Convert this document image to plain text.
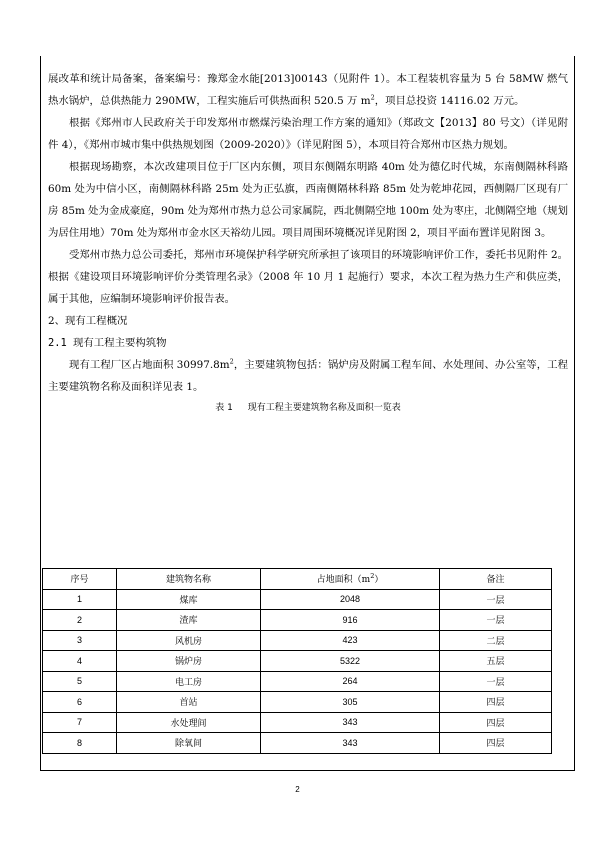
展改革和统计局备案，备案编号：豫郑金水能[2013]00143（见附件 1）。本工程装机容量为 5 台 58MW 燃气热水锅炉，总供热能力 290MW，工程实施后可供热面积 520.5 万 $m^2$，项目总投资 14116.02 万元。

根据《郑州市人民政府关于印发郑州市燃煤污染治理工作方案的通知》（郑政文【2013】80 号文）（详见附件 4），《郑州市城市集中供热规划图（2009-2020）》（详见附图 5），本项目符合郑州市区热力规划。

根据现场勘察，本次改建项目位于厂区内东侧，项目东侧隔东明路 40m 处为德亿时代城，东南侧隔林科路 60m 处为中信小区，南侧隔林科路 25m 处为正弘旗，西南侧隔林科路 85m 处为乾坤花园，西侧隔厂区现有厂房 85m 处为金成豪庭，90m 处为郑州市热力总公司家属院，西北侧隔空地 100m 处为枣庄，北侧隔空地（规划为居住用地）70m 处为郑州市金水区天裕幼儿园。项目周围环境概况详见附图 2，项目平面布置详见附图 3。

受郑州市热力总公司委托，郑州市环境保护科学研究所承担了该项目的环境影响评价工作，委托书见附件 2。根据《建设项目环境影响评价分类管理名录》（2008 年 10 月 1 起施行）要求，本次工程为热力生产和供应类，属于其他，应编制环境影响评价报告表。

2、现有工程概况
2.1 现有工程主要构筑物

现有工程厂区占地面积 $30997.8m^2$，主要建筑物包括：锅炉房及附属工程车间、水处理间、办公室等，工程主要建筑物名称及面积详见表 1。

表 1 现有工程主要建筑物名称及面积一览表
序号	建筑物名称	占地面积$(m^2)$	备注
1	煤库	2048	一层
2	渣库	916	一层
3	风机房	423	二层
4	锅炉房	5322	五层
5	电工房	264	一层
6	首站	305	四层
7	水处理间	343	四层
8	除氧间	343	四层
2
